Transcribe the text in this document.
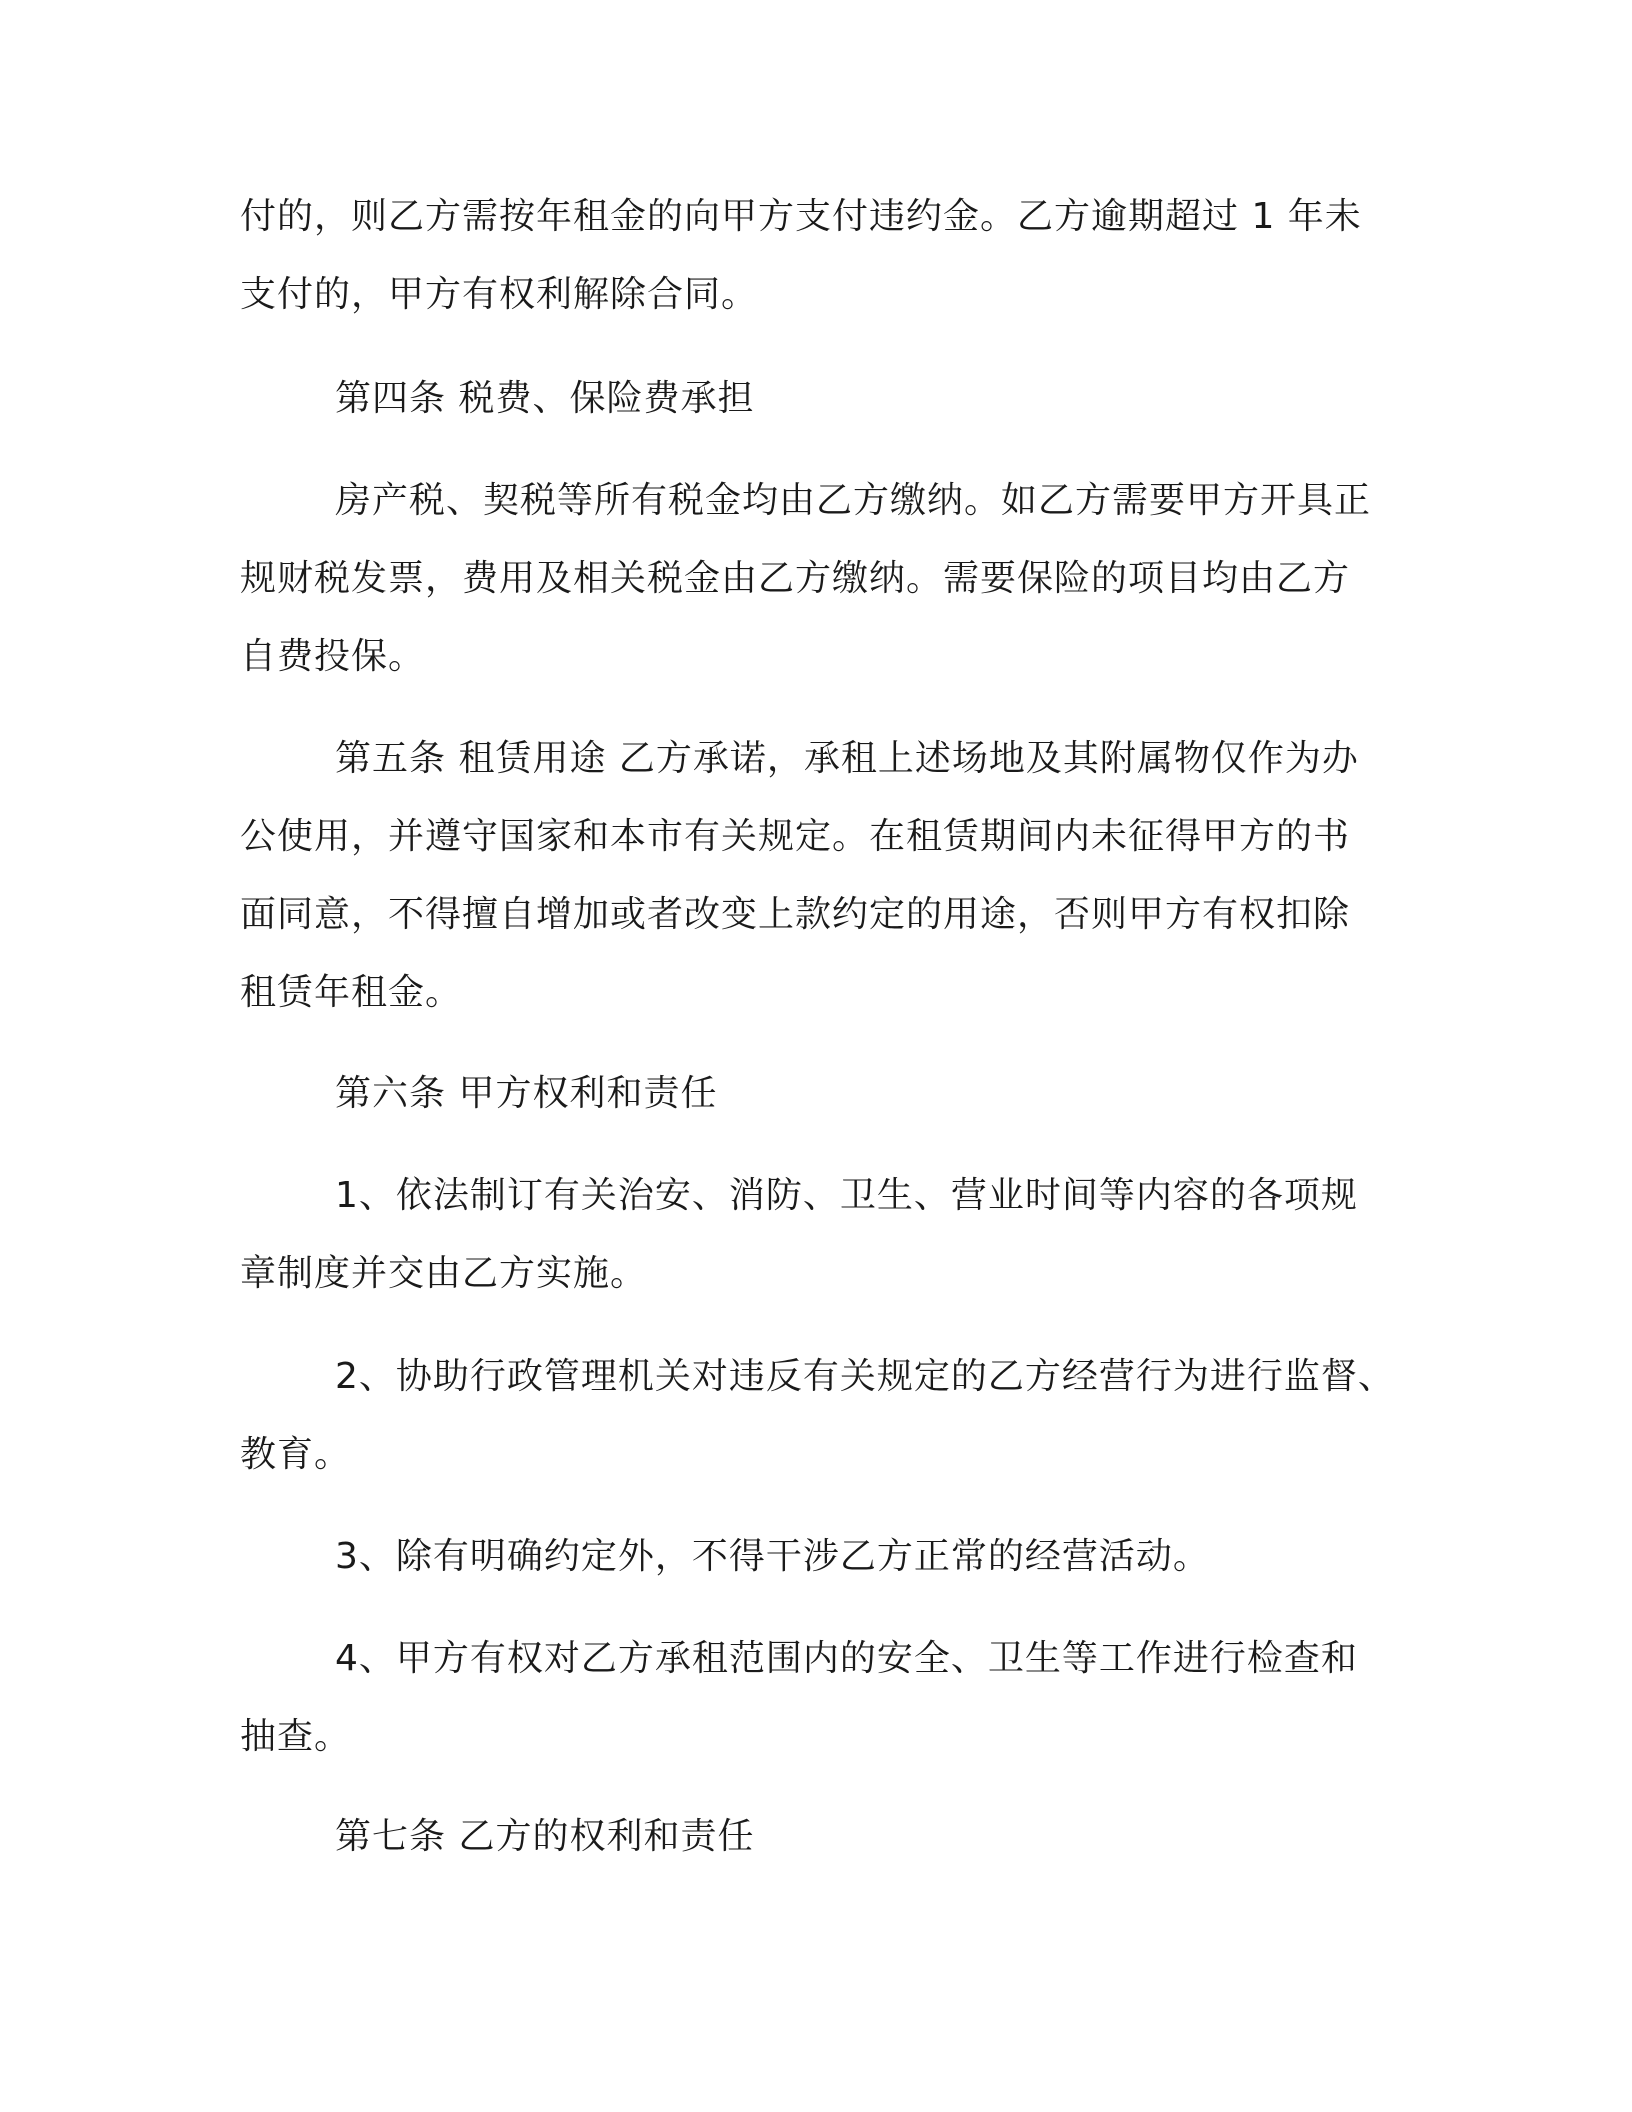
付的，则乙方需按年租金的向甲方支付违约金。乙方逾期超过 1 年未
支付的，甲方有权利解除合同。

第四条 税费、保险费承担

房产税、契税等所有税金均由乙方缴纳。如乙方需要甲方开具正
规财税发票，费用及相关税金由乙方缴纳。需要保险的项目均由乙方
自费投保。

第五条 租赁用途 乙方承诺，承租上述场地及其附属物仅作为办
公使用，并遵守国家和本市有关规定。在租赁期间内未征得甲方的书
面同意，不得擅自增加或者改变上款约定的用途，否则甲方有权扣除
租赁年租金。

第六条 甲方权利和责任

1、依法制订有关治安、消防、卫生、营业时间等内容的各项规
章制度并交由乙方实施。

2、协助行政管理机关对违反有关规定的乙方经营行为进行监督、
教育。

3、除有明确约定外，不得干涉乙方正常的经营活动。

4、甲方有权对乙方承租范围内的安全、卫生等工作进行检查和
抽查。

第七条 乙方的权利和责任
